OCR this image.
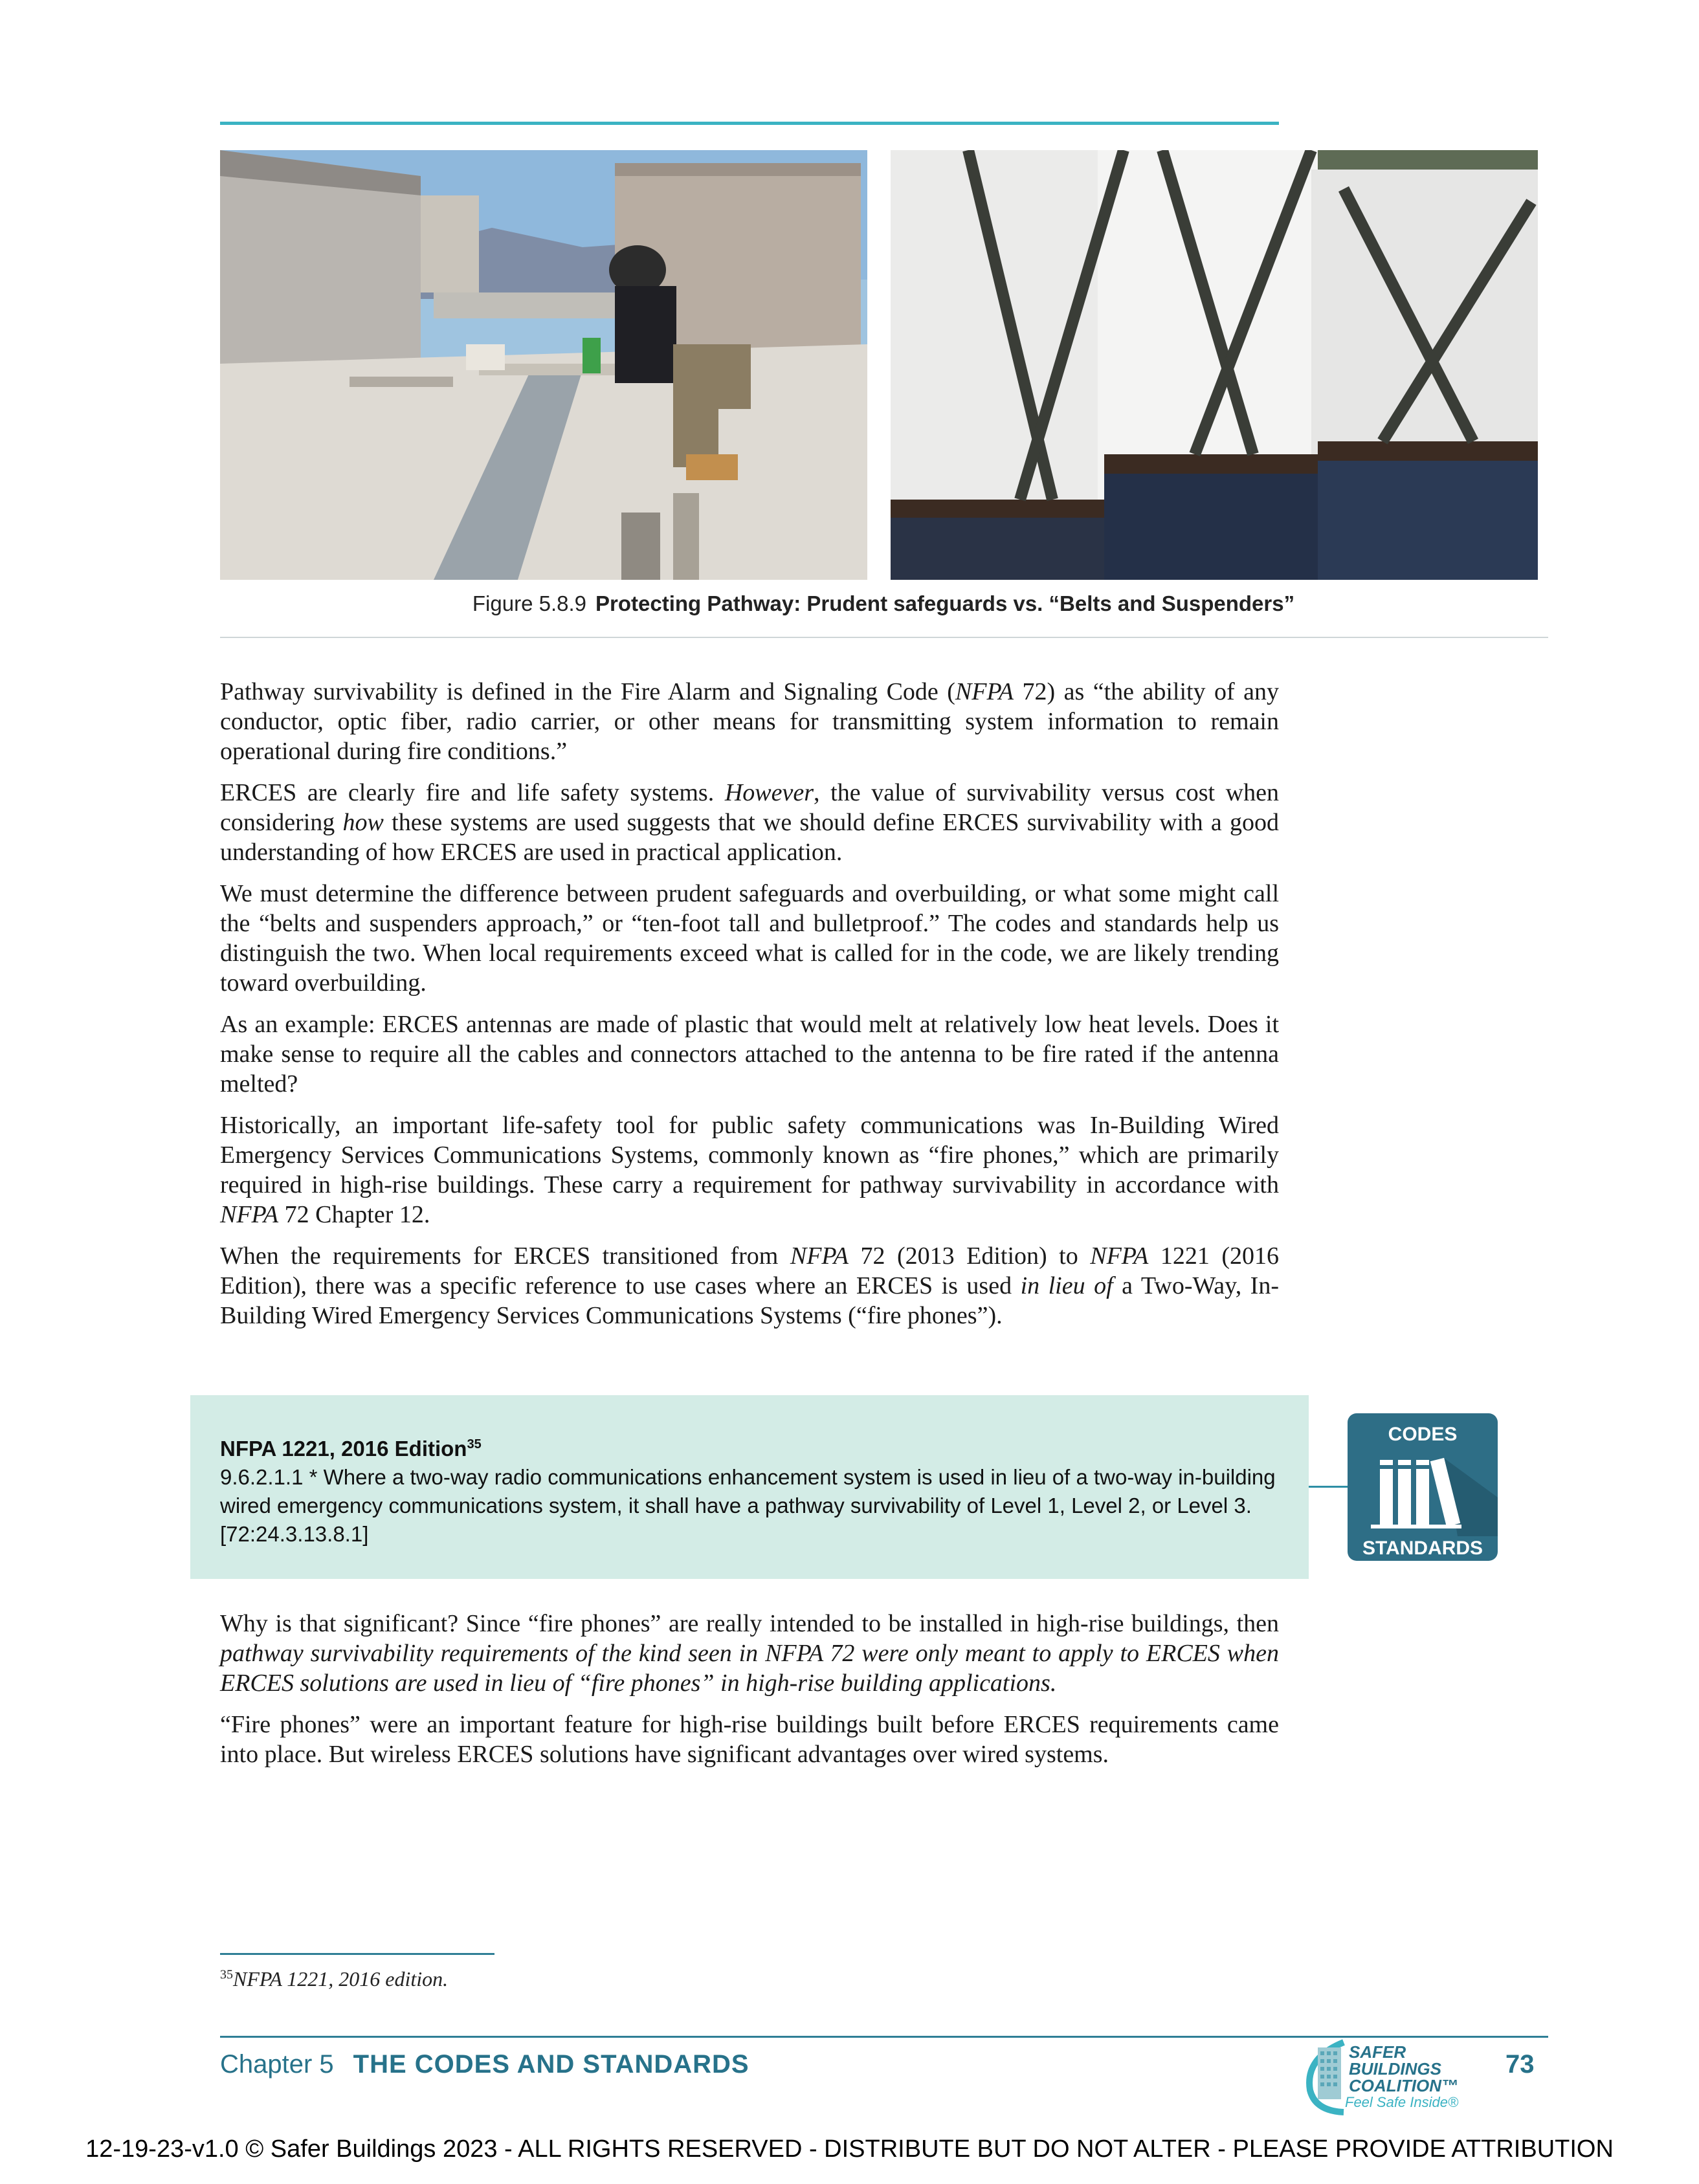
Figure 5.8.9 Protecting Pathway: Prudent safeguards vs. “Belts and Suspenders”

Pathway survivability is defined in the Fire Alarm and Signaling Code (NFPA 72) as “the ability of any conductor, optic fiber, radio carrier, or other means for transmitting system information to remain operational during fire conditions.”

ERCES are clearly fire and life safety systems. However, the value of survivability versus cost when considering how these systems are used suggests that we should define ERCES survivability with a good understanding of how ERCES are used in practical application.

We must determine the difference between prudent safeguards and overbuilding, or what some might call the “belts and suspenders approach,” or “ten-foot tall and bulletproof.” The codes and standards help us distinguish the two. When local requirements exceed what is called for in the code, we are likely trending toward overbuilding.

As an example: ERCES antennas are made of plastic that would melt at relatively low heat levels. Does it make sense to require all the cables and connectors attached to the antenna to be fire rated if the antenna melted?

Historically, an important life-safety tool for public safety communications was In-Building Wired Emergency Services Communications Systems, commonly known as “fire phones,” which are primarily required in high-rise buildings. These carry a requirement for pathway survivability in accordance with NFPA 72 Chapter 12.

When the requirements for ERCES transitioned from NFPA 72 (2013 Edition) to NFPA 1221 (2016 Edition), there was a specific reference to use cases where an ERCES is used in lieu of a Two-Way, In-Building Wired Emergency Services Communications Systems (“fire phones”).

NFPA 1221, 2016 Edition$^{35}$
9.6.2.1.1 * Where a two-way radio communications enhancement system is used in lieu of a two-way in-building wired emergency communications system, it shall have a pathway survivability of Level 1, Level 2, or Level 3. [72:24.3.13.8.1]
CODES
STANDARDS

Why is that significant? Since “fire phones” are really intended to be installed in high-rise buildings, then pathway survivability requirements of the kind seen in NFPA 72 were only meant to apply to ERCES when ERCES solutions are used in lieu of “fire phones” in high-rise building applications.

“Fire phones” were an important feature for high-rise buildings built before ERCES requirements came into place. But wireless ERCES solutions have significant advantages over wired systems.

$^{35}$NFPA 1221, 2016 edition.
Chapter 5 THE CODES AND STANDARDS	SAFER
BUILDINGS
COALITION™
Feel Safe Inside®
73
12-19-23-v1.0 © Safer Buildings 2023 - ALL RIGHTS RESERVED - DISTRIBUTE BUT DO NOT ALTER - PLEASE PROVIDE ATTRIBUTION
